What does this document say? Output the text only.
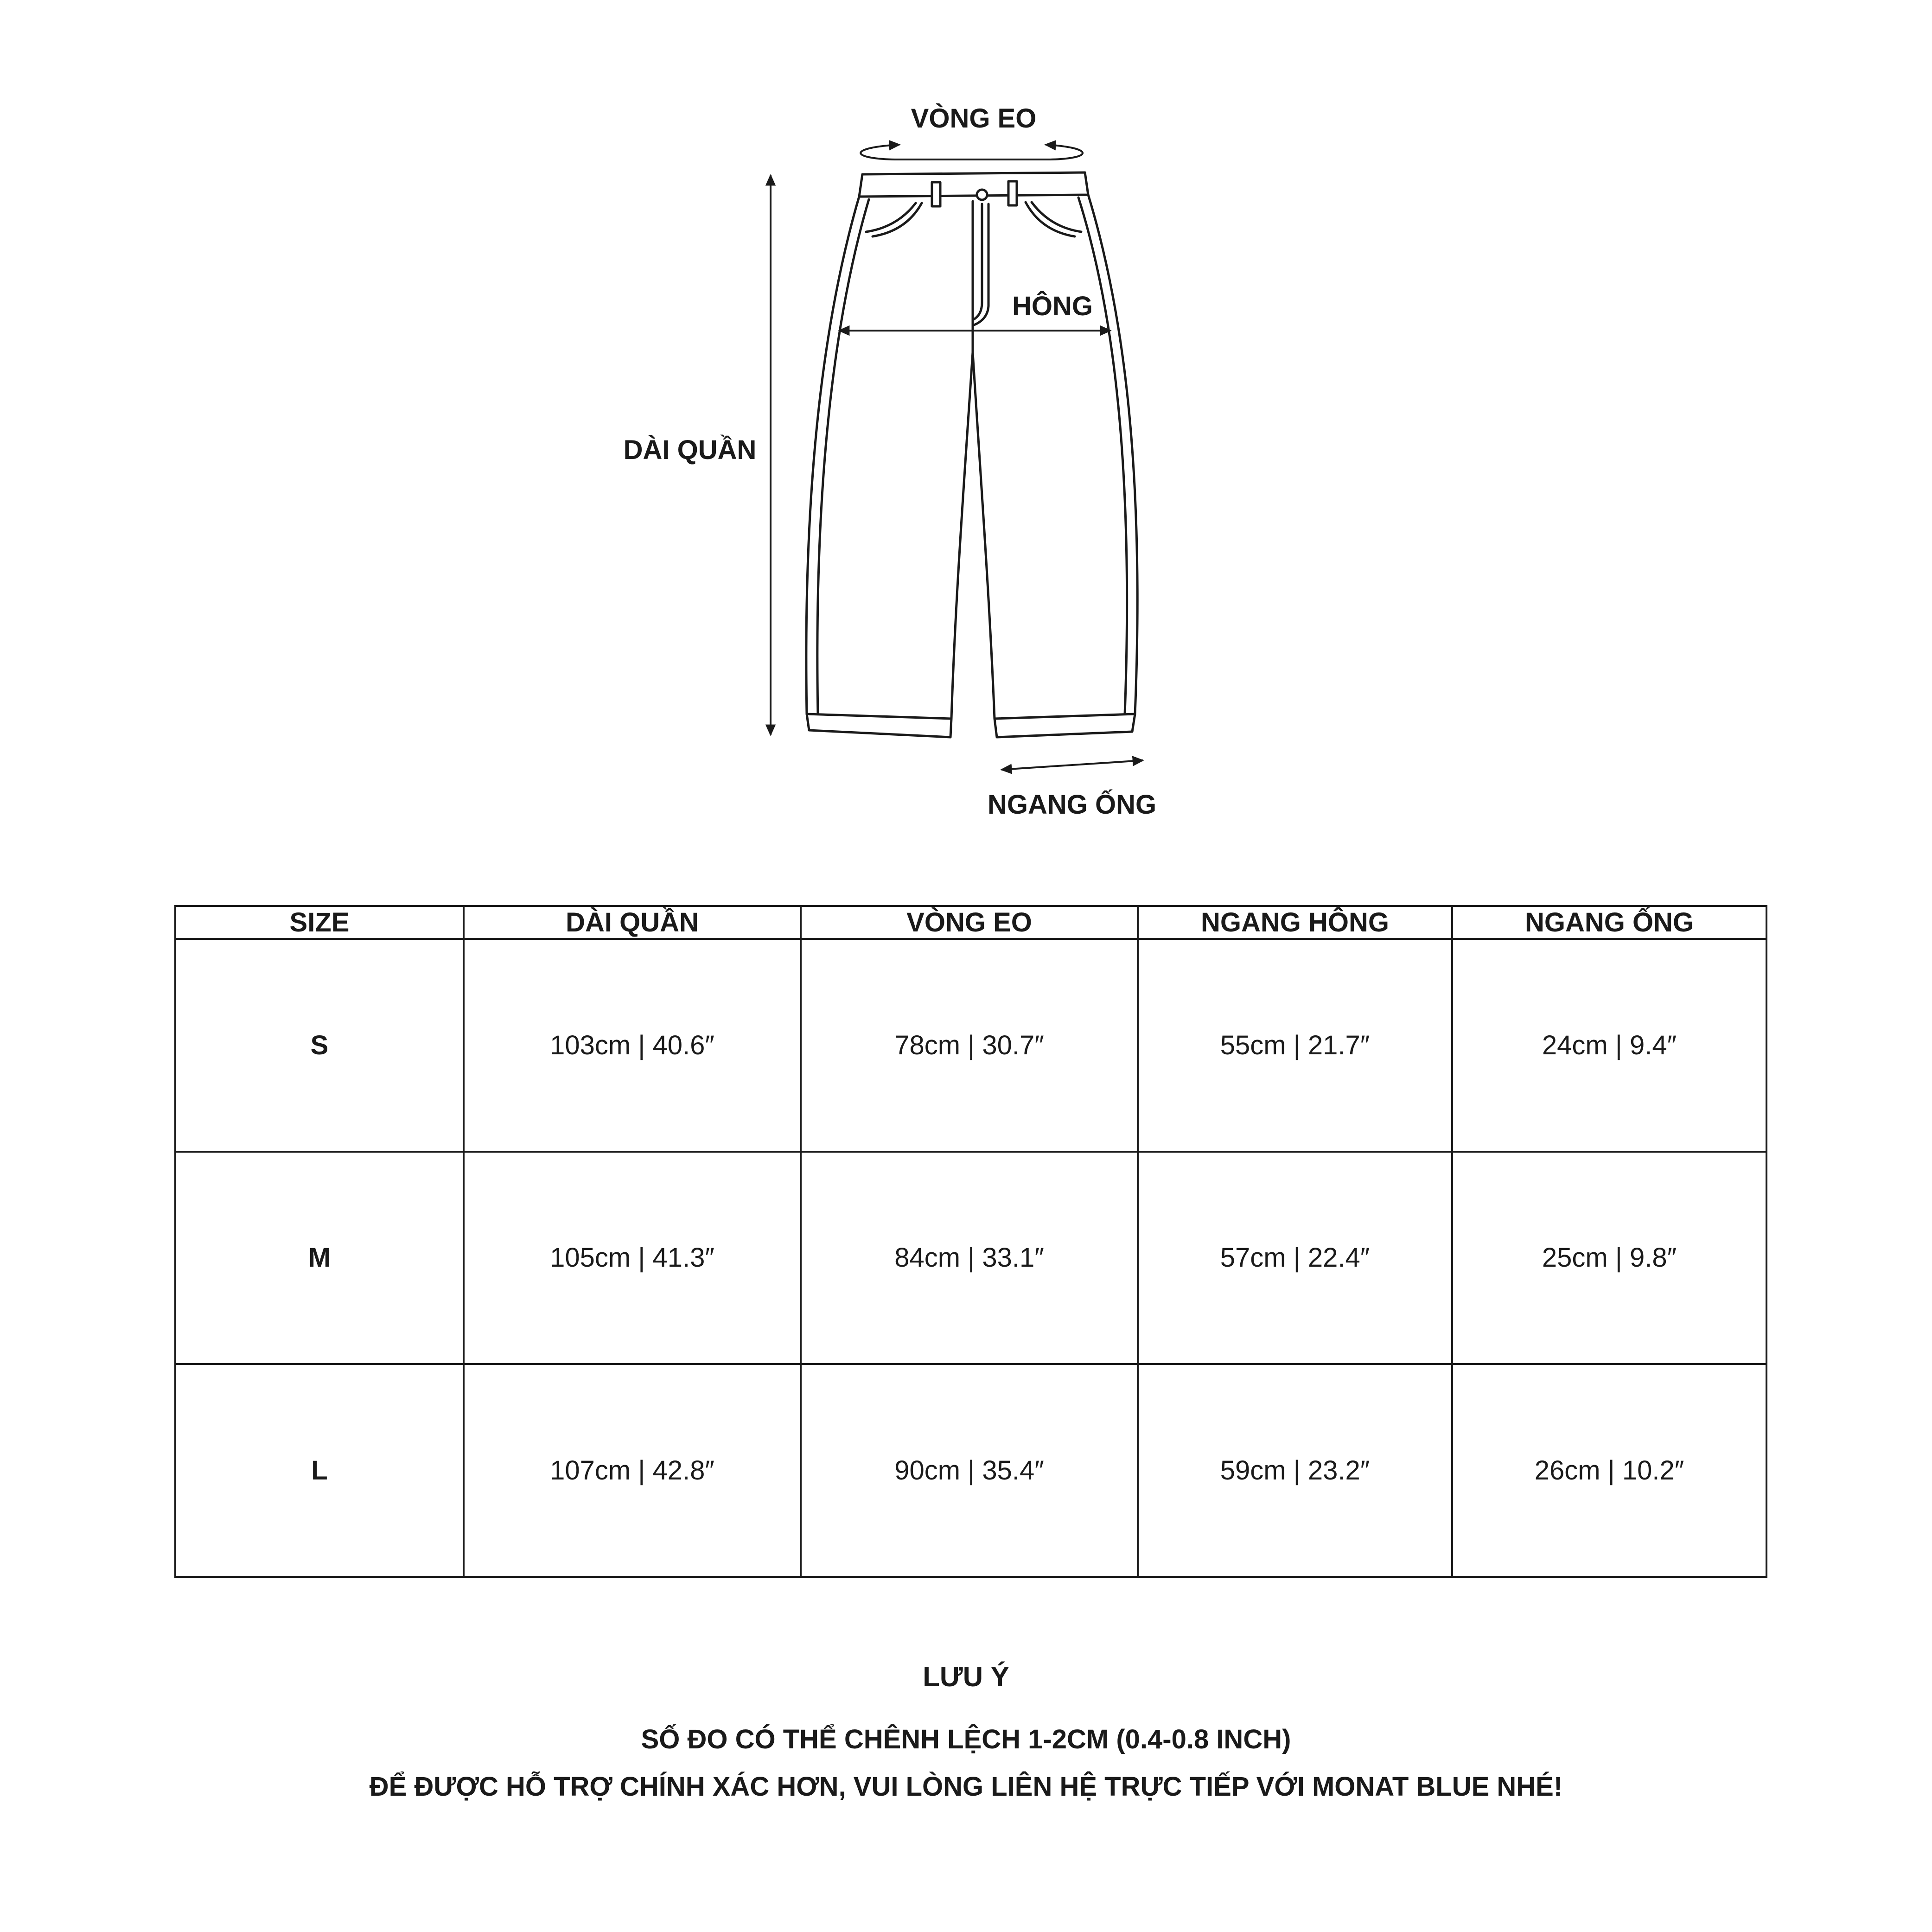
VÒNG EO
HÔNG
DÀI QUẦN
NGANG ỐNG
SIZE	DÀI QUẦN	VÒNG EO	NGANG HÔNG	NGANG ỐNG
S	103cm | 40.6″	78cm | 30.7″	55cm | 21.7″	24cm | 9.4″
M	105cm | 41.3″	84cm | 33.1″	57cm | 22.4″	25cm | 9.8″
L	107cm | 42.8″	90cm | 35.4″	59cm | 23.2″	26cm | 10.2″
LƯU Ý
SỐ ĐO CÓ THỂ CHÊNH LỆCH 1-2CM (0.4-0.8 INCH)
ĐỂ ĐƯỢC HỖ TRỢ CHÍNH XÁC HƠN, VUI LÒNG LIÊN HỆ TRỰC TIẾP VỚI MONAT BLUE NHÉ!
